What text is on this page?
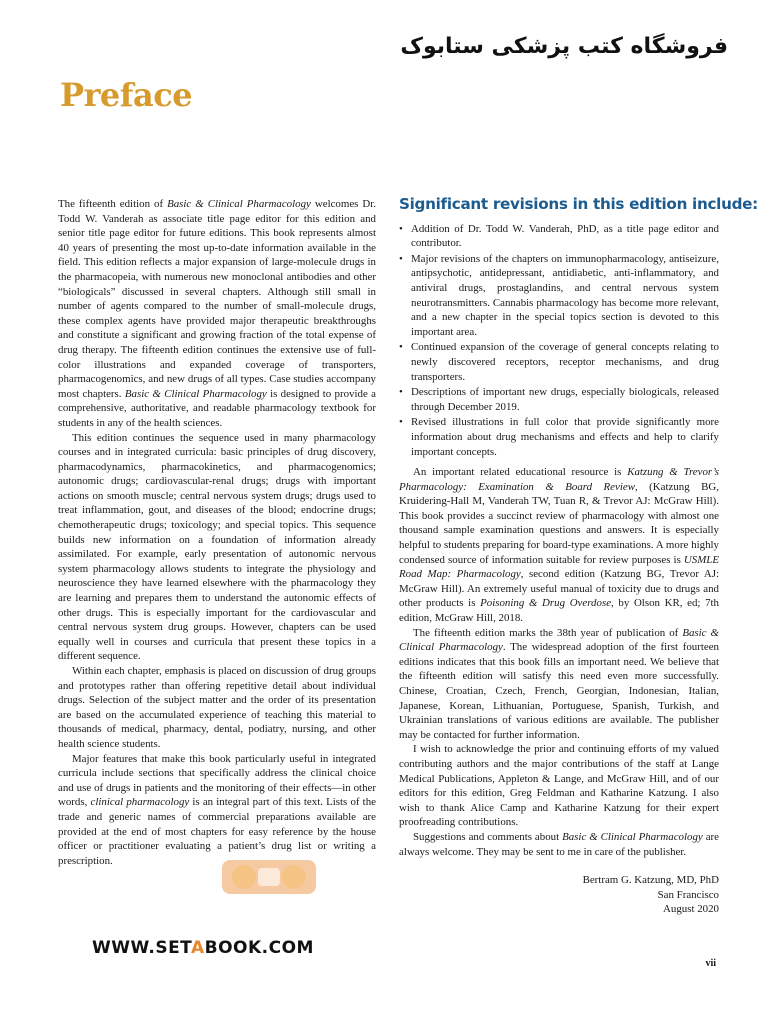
فروشگاه کتب پزشکی ستابوک
Preface

The fifteenth edition of Basic & Clinical Pharmacology welcomes Dr. Todd W. Vanderah as associate title page editor for this edition and senior title page editor for future editions. This book represents almost 40 years of presenting the most up-to-date information available in the field. This edition reflects a major expansion of large-molecule drugs in the pharmacopeia, with numerous new monoclonal antibodies and other “biologicals” discussed in several chapters. Although still small in number of agents compared to the number of small-molecule drugs, these complex agents have provided major therapeutic breakthroughs and constitute a significant and growing fraction of the total expense of drug therapy. The fifteenth edition continues the extensive use of full-color illustrations and expanded coverage of transporters, pharmacogenomics, and new drugs of all types. Case studies accompany most chapters. Basic & Clinical Pharmacology is designed to provide a comprehensive, authoritative, and readable pharmacology textbook for students in any of the health sciences.

This edition continues the sequence used in many pharmacology courses and in integrated curricula: basic principles of drug discovery, pharmacodynamics, pharmacokinetics, and pharmacogenomics; autonomic drugs; cardiovascular-renal drugs; drugs with important actions on smooth muscle; central nervous system drugs; drugs used to treat inflammation, gout, and diseases of the blood; endocrine drugs; chemotherapeutic drugs; toxicology; and special topics. This sequence builds new information on a foundation of information already assimilated. For example, early presentation of autonomic nervous system pharmacology allows students to integrate the physiology and neuroscience they have learned elsewhere with the pharmacology they are learning and prepares them to understand the autonomic effects of other drugs. This is especially important for the cardiovascular and central nervous system drug groups. However, chapters can be used equally well in courses and curricula that present these topics in a different sequence.

Within each chapter, emphasis is placed on discussion of drug groups and prototypes rather than offering repetitive detail about individual drugs. Selection of the subject matter and the order of its presentation are based on the accumulated experience of teaching this material to thousands of medical, pharmacy, dental, podiatry, nursing, and other health science students.

Major features that make this book particularly useful in integrated curricula include sections that specifically address the clinical choice and use of drugs in patients and the monitoring of their effects—in other words, clinical pharmacology is an integral part of this text. Lists of the trade and generic names of commercial preparations available are provided at the end of most chapters for easy reference by the house officer or practitioner evaluating a patient’s drug list or writing a prescription.

Significant revisions in this edition include:
• Addition of Dr. Todd W. Vanderah, PhD, as a title page editor and contributor.
• Major revisions of the chapters on immunopharmacology, antiseizure, antipsychotic, antidepressant, antidiabetic, anti-inflammatory, and antiviral drugs, prostaglandins, and central nervous system neurotransmitters. Cannabis pharmacology has become more relevant, and a new chapter in the special topics section is devoted to this important area.
• Continued expansion of the coverage of general concepts relating to newly discovered receptors, receptor mechanisms, and drug transporters.
• Descriptions of important new drugs, especially biologicals, released through December 2019.
• Revised illustrations in full color that provide significantly more information about drug mechanisms and effects and help to clarify important concepts.

An important related educational resource is Katzung & Trevor’s Pharmacology: Examination & Board Review, (Katzung BG, Kruidering-Hall M, Vanderah TW, Tuan R, & Trevor AJ: McGraw Hill). This book provides a succinct review of pharmacology with almost one thousand sample examination questions and answers. It is especially helpful to students preparing for board-type examinations. A more highly condensed source of information suitable for review purposes is USMLE Road Map: Pharmacology, second edition (Katzung BG, Trevor AJ: McGraw Hill). An extremely useful manual of toxicity due to drugs and other products is Poisoning & Drug Overdose, by Olson KR, ed; 7th edition, McGraw Hill, 2018.

The fifteenth edition marks the 38th year of publication of Basic & Clinical Pharmacology. The widespread adoption of the first fourteen editions indicates that this book fills an important need. We believe that the fifteenth edition will satisfy this need even more successfully. Chinese, Croatian, Czech, French, Georgian, Indonesian, Italian, Japanese, Korean, Lithuanian, Portuguese, Spanish, Turkish, and Ukrainian translations of various editions are available. The publisher may be contacted for further information.

I wish to acknowledge the prior and continuing efforts of my valued contributing authors and the major contributions of the staff at Lange Medical Publications, Appleton & Lange, and McGraw Hill, and of our editors for this edition, Greg Feldman and Katharine Katzung. I also wish to thank Alice Camp and Katharine Katzung for their expert proofreading contributions.

Suggestions and comments about Basic & Clinical Pharmacology are always welcome. They may be sent to me in care of the publisher.

Bertram G. Katzung, MD, PhD
San Francisco
August 2020
WWW.SETABOOK.COM
vii
